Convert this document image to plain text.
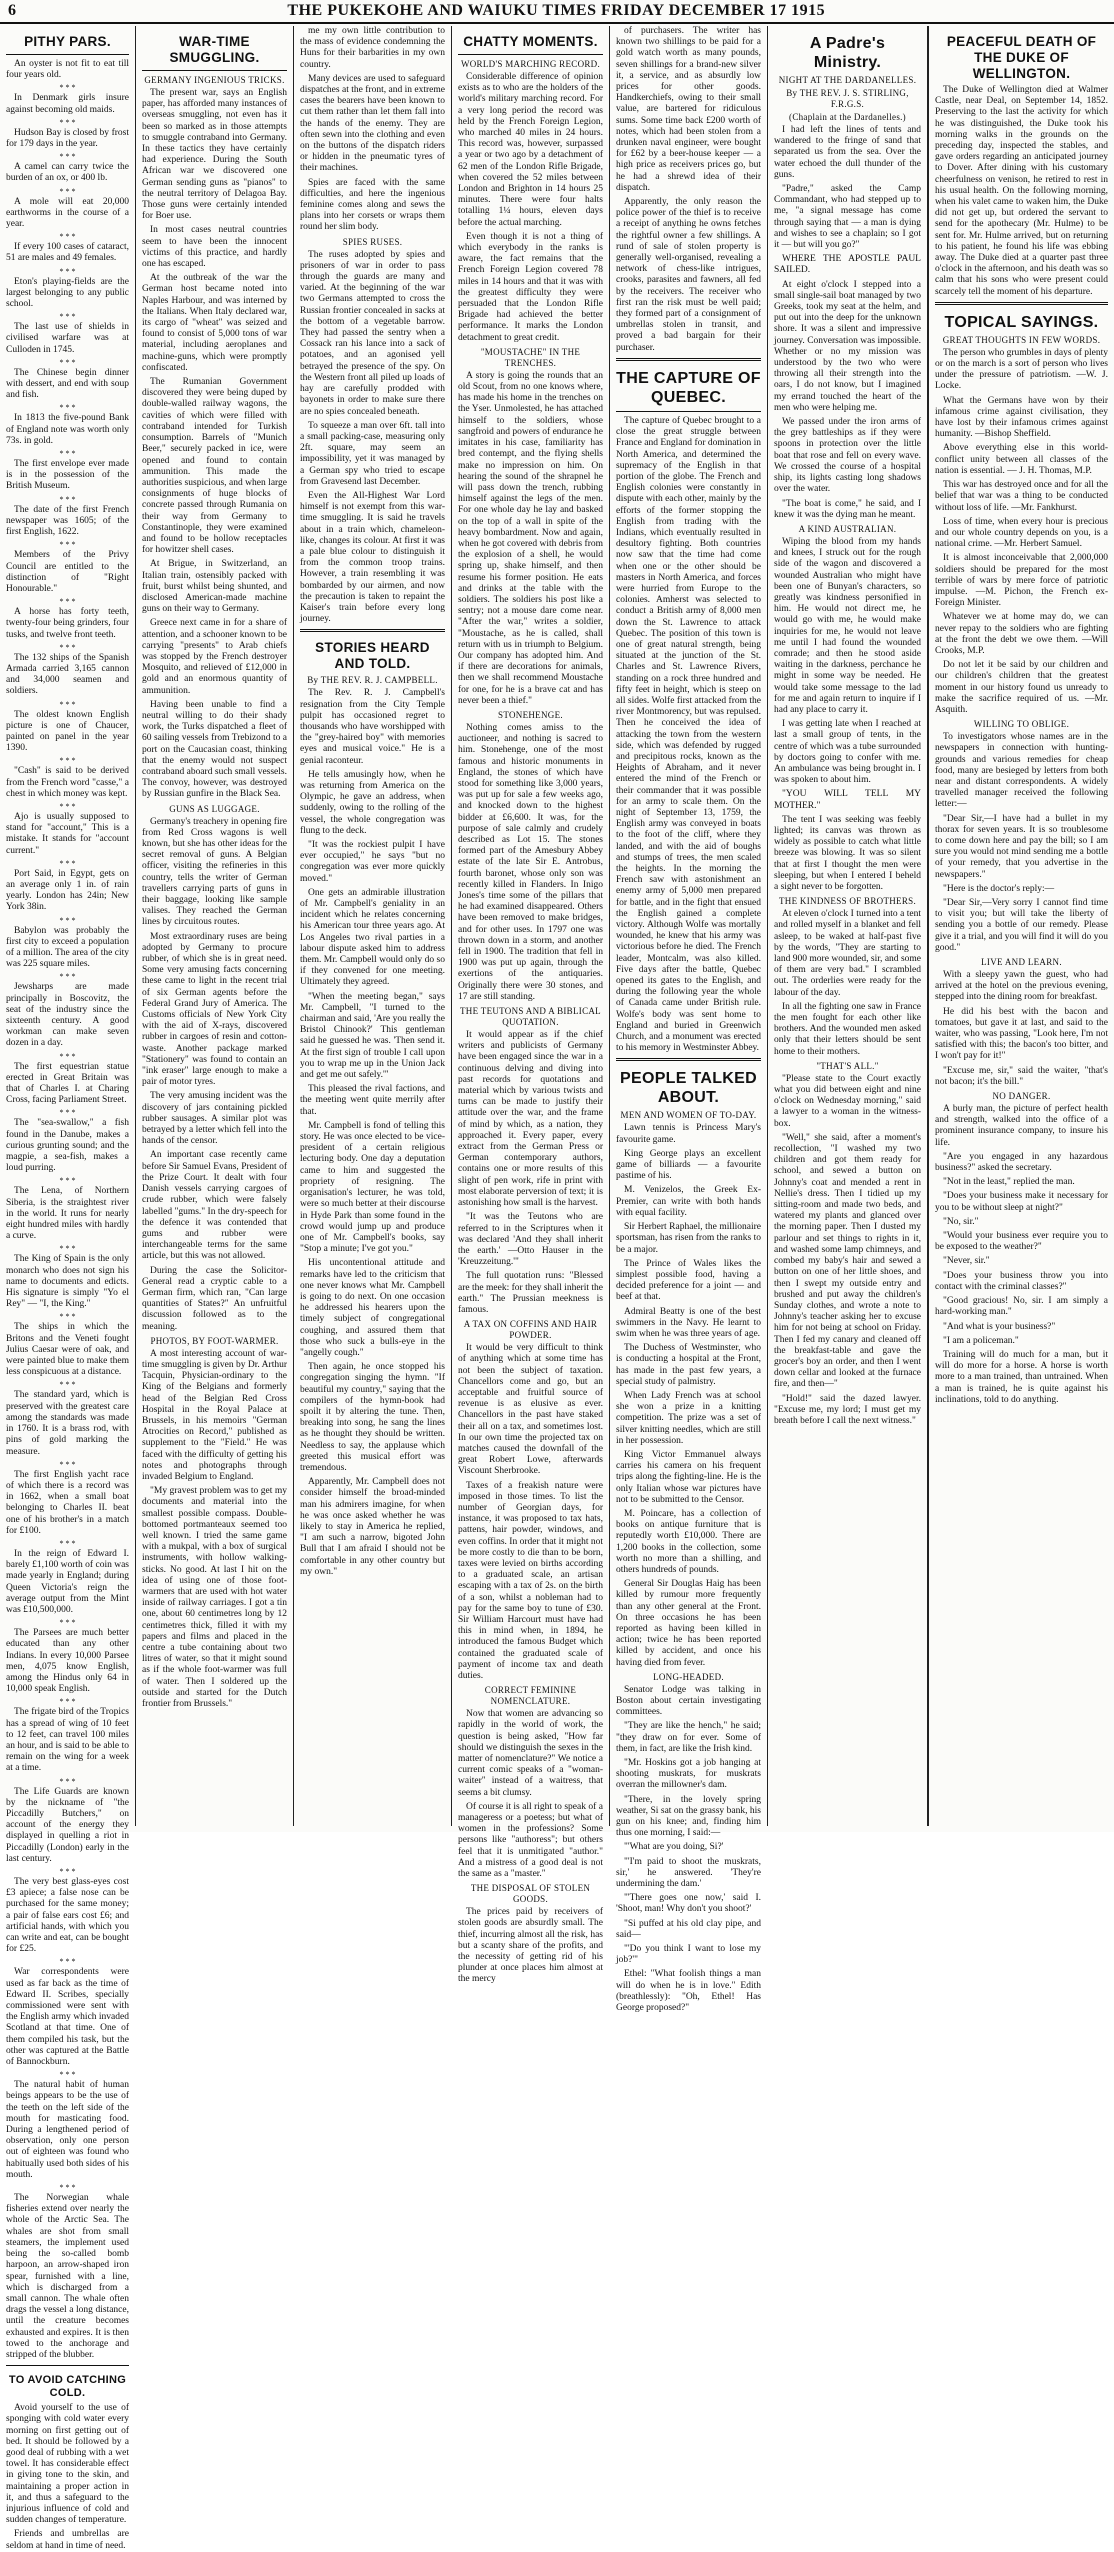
6	THE PUKEKOHE AND WAIUKU TIMES FRIDAY DECEMBER 17 1915
PITHY PARS.

An oyster is not fit to eat till four years old.

* * *

In Denmark girls insure against becoming old maids.

* * *

Hudson Bay is closed by frost for 179 days in the year.

* * *

A camel can carry twice the burden of an ox, or 400 lb.

* * *

A mole will eat 20,000 earthworms in the course of a year.

* * *

If every 100 cases of cataract, 51 are males and 49 females.

* * *

Eton's playing-fields are the largest belonging to any public school.

* * *

The last use of shields in civilised warfare was at Culloden in 1745.

* * *

The Chinese begin dinner with dessert, and end with soup and fish.

* * *

In 1813 the five-pound Bank of England note was worth only 73s. in gold.

* * *

The first envelope ever made is in the possession of the British Museum.

* * *

The date of the first French newspaper was 1605; of the first English, 1622.

* * *

Members of the Privy Council are entitled to the distinction of "Right Honourable."

* * *

A horse has forty teeth, twenty-four being grinders, four tusks, and twelve front teeth.

* * *

The 132 ships of the Spanish Armada carried 3,165 cannon and 34,000 seamen and soldiers.

* * *

The oldest known English picture is one of Chaucer, painted on panel in the year 1390.

* * *

"Cash" is said to be derived from the French word "casse," a chest in which money was kept.

* * *

Ajo is usually supposed to stand for "account," This is a mistake. It stands for "account current."

* * *

Port Said, in Egypt, gets on an average only 1 in. of rain yearly. London has 24in; New York 38in.

* * *

Babylon was probably the first city to exceed a population of a million. The area of the city was 225 square miles.

* * *

Jewsharps are made principally in Boscovitz, the seat of the industry since the sixteenth century. A good workman can make seven dozen in a day.

* * *

The first equestrian statue erected in Great Britain was that of Charles I. at Charing Cross, facing Parliament Street.

* * *

The "sea-swallow," a fish found in the Danube, makes a curious grunting sound; and the magpie, a sea-fish, makes a loud purring.

* * *

The Lena, of Northern Siberia, is the straightest river in the world. It runs for nearly eight hundred miles with hardly a curve.

* * *

The King of Spain is the only monarch who does not sign his name to documents and edicts. His signature is simply "Yo el Rey" — "I, the King."

* * *

The ships in which the Britons and the Veneti fought Julius Caesar were of oak, and were painted blue to make them less conspicuous at a distance.

* * *

The standard yard, which is preserved with the greatest care among the standards was made in 1760. It is a brass rod, with pins of gold marking the measure.

* * *

The first English yacht race of which there is a record was in 1662, when a small boat belonging to Charles II. beat one of his brother's in a match for £100.

* * *

In the reign of Edward I. barely £1,100 worth of coin was made yearly in England; during Queen Victoria's reign the average output from the Mint was £10,500,000.

* * *

The Parsees are much better educated than any other Indians. In every 10,000 Parsee men, 4,075 know English, among the Hindus only 64 in 10,000 speak English.

* * *

The frigate bird of the Tropics has a spread of wing of 10 feet to 12 feet, can travel 100 miles an hour, and is said to be able to remain on the wing for a week at a time.

* * *

The Life Guards are known by the nickname of "the Piccadilly Butchers," on account of the energy they displayed in quelling a riot in Piccadilly (London) early in the last century.

* * *

The very best glass-eyes cost £3 apiece; a false nose can be purchased for the same money; a pair of false ears cost £6; and artificial hands, with which you can write and eat, can be bought for £25.

* * *

War correspondents were used as far back as the time of Edward II. Scribes, specially commissioned were sent with the English army which invaded Scotland at that time. One of them compiled his task, but the other was captured at the Battle of Bannockburn.

* * *

The natural habit of human beings appears to be the use of the teeth on the left side of the mouth for masticating food. During a lengthened period of observation, only one person out of eighteen was found who habitually used both sides of his mouth.

* * *

The Norwegian whale fisheries extend over nearly the whole of the Arctic Sea. The whales are shot from small steamers, the implement used being the so-called bomb harpoon, an arrow-shaped iron spear, furnished with a line, which is discharged from a small cannon. The whale often drags the vessel a long distance, until the creature becomes exhausted and expires. It is then towed to the anchorage and stripped of the blubber.

TO AVOID CATCHING COLD.

Avoid yourself to the use of sponging with cold water every morning on first getting out of bed. It should be followed by a good deal of rubbing with a wet towel. It has considerable effect in giving tone to the skin, and maintaining a proper action in it, and thus a safeguard to the injurious influence of cold and sudden changes of temperature.

Friends and umbrellas are seldom at hand in time of need.

WAR-TIME SMUGGLING.
GERMANY INGENIOUS TRICKS.

The present war, says an English paper, has afforded many instances of overseas smuggling, not even has it been so marked as in those attempts to smuggle contraband into Germany. In these tactics they have certainly had experience. During the South African war we discovered one German sending guns as "pianos" to the neutral territory of Delagoa Bay. Those guns were certainly intended for Boer use.

In most cases neutral countries seem to have been the innocent victims of this practice, and hardly one has escaped.

At the outbreak of the war the German host became noted into Naples Harbour, and was interned by the Italians. When Italy declared war, its cargo of "wheat" was seized and found to consist of 5,000 tons of war material, including aeroplanes and machine-guns, which were promptly confiscated.

The Rumanian Government discovered they were being duped by double-walled railway wagons, the cavities of which were filled with contraband intended for Turkish consumption. Barrels of "Munich Beer," securely packed in ice, were opened and found to contain ammunition. This made the authorities suspicious, and when large consignments of huge blocks of concrete passed through Rumania on their way from Germany to Constantinople, they were examined and found to be hollow receptacles for howitzer shell cases.

At Brigue, in Switzerland, an Italian train, ostensibly packed with fruit, burst whilst being shunted, and disclosed American-made machine guns on their way to Germany.

Greece next came in for a share of attention, and a schooner known to be carrying "presents" to Arab chiefs was stopped by the French destroyer Mosquito, and relieved of £12,000 in gold and an enormous quantity of ammunition.

Having been unable to find a neutral willing to do their shady work, the Turks dispatched a fleet of 60 sailing vessels from Trebizond to a port on the Caucasian coast, thinking that the enemy would not suspect contraband aboard such small vessels. The convoy, however, was destroyed by Russian gunfire in the Black Sea.

GUNS AS LUGGAGE.

Germany's treachery in opening fire from Red Cross wagons is well known, but she has other ideas for the secret removal of guns. A Belgian officer, visiting the refineries in this country, tells the writer of German travellers carrying parts of guns in their baggage, looking like sample valises. They reached the German lines by circuitous routes.

Most extraordinary ruses are being adopted by Germany to procure rubber, of which she is in great need. Some very amusing facts concerning these came to light in the recent trial of six German agents before the Federal Grand Jury of America. The Customs officials of New York City with the aid of X-rays, discovered rubber in cargoes of resin and cotton-waste. Another package marked "Stationery" was found to contain an "ink eraser" large enough to make a pair of motor tyres.

The very amusing incident was the discovery of jars containing pickled rubber sausages. A similar plot was betrayed by a letter which fell into the hands of the censor.

An important case recently came before Sir Samuel Evans, President of the Prize Court. It dealt with four Danish vessels carrying cargoes of crude rubber, which were falsely labelled "gums." In the dry-speech for the defence it was contended that gums and rubber were interchangeable terms for the same article, but this was not allowed.

During the case the Solicitor-General read a cryptic cable to a German firm, which ran, "Can large quantities of States?" An unfruitful discussion followed as to the meaning.

PHOTOS, BY FOOT-WARMER.

A most interesting account of war-time smuggling is given by Dr. Arthur Tacquin, Physician-ordinary to the King of the Belgians and formerly head of the Belgian Red Cross Hospital in the Royal Palace at Brussels, in his memoirs "German Atrocities on Record," published as supplement to the "Field." He was faced with the difficulty of getting his notes and photographs through invaded Belgium to England.

"My gravest problem was to get my documents and material into the smallest possible compass. Double-bottomed portmanteaux seemed too well known. I tried the same game with a mukpal, with a box of surgical instruments, with hollow walking-sticks. No good. At last I hit on the idea of using one of those foot-warmers that are used with hot water inside of railway carriages. I got a tin one, about 60 centimetres long by 12 centimetres thick, filled it with my papers and films and placed in the centre a tube containing about two litres of water, so that it might sound as if the whole foot-warmer was full of water. Then I soldered up the outside and started for the Dutch frontier from Brussels."

me my own little contribution to the mass of evidence condemning the Huns for their barbarities in my own country.

Many devices are used to safeguard dispatches at the front, and in extreme cases the bearers have been known to cut them rather than let them fall into the hands of the enemy. They are often sewn into the clothing and even on the buttons of the dispatch riders or hidden in the pneumatic tyres of their machines.

Spies are faced with the same difficulties, and here the ingenious feminine comes along and sews the plans into her corsets or wraps them round her slim body.

SPIES RUSES.

The ruses adopted by spies and prisoners of war in order to pass through the guards are many and varied. At the beginning of the war two Germans attempted to cross the Russian frontier concealed in sacks at the bottom of a vegetable barrow. They had passed the sentry when a Cossack ran his lance into a sack of potatoes, and an agonised yell betrayed the presence of the spy. On the Western front all piled up loads of hay are carefully prodded with bayonets in order to make sure there are no spies concealed beneath.

To squeeze a man over 6ft. tall into a small packing-case, measuring only 2ft. square, may seem an impossibility, yet it was managed by a German spy who tried to escape from Gravesend last December.

Even the All-Highest War Lord himself is not exempt from this war-time smuggling. It is said he travels about in a train which, chameleon-like, changes its colour. At first it was a pale blue colour to distinguish it from the common troop trains. However, a train resembling it was bombarded by our airmen, and now the precaution is taken to repaint the Kaiser's train before every long journey.

STORIES HEARD AND TOLD.
By THE REV. R. J. CAMPBELL.

The Rev. R. J. Campbell's resignation from the City Temple pulpit has occasioned regret to thousands who have worshipped with the "grey-haired boy" with memories eyes and musical voice." He is a genial raconteur.

He tells amusingly how, when he was returning from America on the Olympic, he gave an address, when suddenly, owing to the rolling of the vessel, the whole congregation was flung to the deck.

"It was the rockiest pulpit I have ever occupied," he says "but no congregation was ever more quickly moved."

One gets an admirable illustration of Mr. Campbell's geniality in an incident which he relates concerning his American tour three years ago. At Los Angeles two rival parties in a labour dispute asked him to address them. Mr. Campbell would only do so if they convened for one meeting. Ultimately they agreed.

"When the meeting began," says Mr. Campbell, "I turned to the chairman and said, 'Are you really the Bristol Chinook?' This gentleman said he guessed he was. 'Then send it. At the first sign of trouble I call upon you to wrap me up in the Union Jack and get me out safely.'"

This pleased the rival factions, and the meeting went quite merrily after that.

Mr. Campbell is fond of telling this story. He was once elected to be vice-president of a certain religious lecturing body. One day a deputation came to him and suggested the propriety of resigning. The organisation's lecturer, he was told, were so much better at their discourse in Hyde Park than some found in the crowd would jump up and produce one of Mr. Campbell's books, say "Stop a minute; I've got you."

His uncontentional attitude and remarks have led to the criticism that one never knows what Mr. Campbell is going to do next. On one occasion he addressed his hearers upon the timely subject of congregational coughing, and assured them that those who suck a bulls-eye in the "angelly cough."

Then again, he once stopped his congregation singing the hymn. "If beautiful my country," saying that the compilers of the hymn-book had spoilt it by altering the tune. Then, breaking into song, he sang the lines as he thought they should be written. Needless to say, the applause which greeted this musical effort was tremendous.

Apparently, Mr. Campbell does not consider himself the broad-minded man his admirers imagine, for when he was once asked whether he was likely to stay in America he replied, "I am such a narrow, bigoted John Bull that I am afraid I should not be comfortable in any other country but my own."

CHATTY MOMENTS.
WORLD'S MARCHING RECORD.

Considerable difference of opinion exists as to who are the holders of the world's military marching record. For a very long period the record was held by the French Foreign Legion, who marched 40 miles in 24 hours. This record was, however, surpassed a year or two ago by a detachment of 62 men of the London Rifle Brigade, when covered the 52 miles between London and Brighton in 14 hours 25 minutes. There were four halts totalling 1¼ hours, eleven days before the actual marching.

Even though it is not a thing of which everybody in the ranks is aware, the fact remains that the French Foreign Legion covered 78 miles in 14 hours and that it was with the greatest difficulty they were persuaded that the London Rifle Brigade had achieved the better performance. It marks the London detachment to great credit.

"MOUSTACHE" IN THE TRENCHES.

A story is going the rounds that an old Scout, from no one knows where, has made his home in the trenches on the Yser. Unmolested, he has attached himself to the soldiers, whose sangfroid and powers of endurance he imitates in his case, familiarity has bred contempt, and the flying shells make no impression on him. On hearing the sound of the shrapnel he will pass down the trench, rubbing himself against the legs of the men. For one whole day he lay and basked on the top of a wall in spite of the heavy bombardment. Now and again, when he got covered with debris from the explosion of a shell, he would spring up, shake himself, and then resume his former position. He eats and drinks at the table with the soldiers. The soldiers his post like a sentry; not a mouse dare come near. "After the war," writes a soldier, "Moustache, as he is called, shall return with us in triumph to Belgium. Our company has adopted him. And if there are decorations for animals, then we shall recommend Moustache for one, for he is a brave cat and has never been a thief."

STONEHENGE.

Nothing comes amiss to the auctioneer, and nothing is sacred to him. Stonehenge, one of the most famous and historic monuments in England, the stones of which have stood for something like 3,000 years, was put up for sale a few weeks ago, and knocked down to the highest bidder at £6,600. It was, for the purpose of sale calmly and crudely described as Lot 15. The stones formed part of the Amesbury Abbey estate of the late Sir E. Antrobus, fourth baronet, whose only son was recently killed in Flanders. In Inigo Jones's time some of the pillars that he had examined disappeared. Others have been removed to make bridges, and for other uses. In 1797 one was thrown down in a storm, and another fell in 1900. The tradition that fell in 1900 was put up again, through the exertions of the antiquaries. Originally there were 30 stones, and 17 are still standing.

THE TEUTONS AND A BIBLICAL QUOTATION.

It would appear as if the chief writers and publicists of Germany have been engaged since the war in a continuous delving and diving into past records for quotations and material which by various twists and turns can be made to justify their attitude over the war, and the frame of mind by which, as a nation, they approached it. Every paper, every extract from the German Press or German contemporary authors, contains one or more results of this slight of pen work, rife in print with most elaborate perversion of text; it is astonishing how small is the harvest.

"It was the Teutons who are referred to in the Scriptures when it was declared 'And they shall inherit the earth.' —Otto Hauser in the 'Kreuzzeitung.'"

The full quotation runs: "Blessed are the meek: for they shall inherit the earth." The Prussian meekness is famous.

A TAX ON COFFINS AND HAIR POWDER.

It would be very difficult to think of anything which at some time has not been the subject of taxation. Chancellors come and go, but an acceptable and fruitful source of revenue is as elusive as ever. Chancellors in the past have staked their all on a tax, and sometimes lost. In our own time the projected tax on matches caused the downfall of the great Robert Lowe, afterwards Viscount Sherbrooke.

Taxes of a freakish nature were imposed in those times. To list the number of Georgian days, for instance, it was proposed to tax hats, pattens, hair powder, windows, and even coffins. In order that it might not be more costly to die than to be born, taxes were levied on births according to a graduated scale, an artisan escaping with a tax of 2s. on the birth of a son, whilst a nobleman had to pay for the same boy to tune of £30. Sir William Harcourt must have had this in mind when, in 1894, he introduced the famous Budget which contained the graduated scale of payment of income tax and death duties.

CORRECT FEMININE NOMENCLATURE.

Now that women are advancing so rapidly in the world of work, the question is being asked, "How far should we distinguish the sexes in the matter of nomenclature?" We notice a current comic speaks of a "woman-waiter" instead of a waitress, that seems a bit clumsy.

Of course it is all right to speak of a manageress or a poetess; but what of women in the professions? Some persons like "authoress"; but others feel that it is unmitigated "author." And a mistress of a good deal is not the same as a "master."

THE DISPOSAL OF STOLEN GOODS.

The prices paid by receivers of stolen goods are absurdly small. The thief, incurring almost all the risk, has but a scanty share of the profits, and the necessity of getting rid of his plunder at once places him almost at the mercy

of purchasers. The writer has known two shillings to be paid for a gold watch worth as many pounds, seven shillings for a brand-new silver it, a service, and as absurdly low prices for other goods. Handkerchiefs, owing to their small value, are bartered for ridiculous sums. Some time back £200 worth of notes, which had been stolen from a drunken naval engineer, were bought for £62 by a beer-house keeper — a high price as receivers prices go, but he had a shrewd idea of their dispatch.

Apparently, the only reason the police power of the thief is to receive a receipt of anything he owns fetches the rightful owner a few shillings. A rund of sale of stolen property is generally well-organised, revealing a network of chess-like intrigues, crooks, parasites and fawners, all fed by the receivers. The receiver who first ran the risk must be well paid; they formed part of a consignment of umbrellas stolen in transit, and proved a bad bargain for their purchaser.

THE CAPTURE OF QUEBEC.

The capture of Quebec brought to a close the great struggle between France and England for domination in North America, and determined the supremacy of the English in that portion of the globe. The French and English colonies were constantly in dispute with each other, mainly by the efforts of the former stopping the English from trading with the Indians, which eventually resulted in desultory fighting. Both countries now saw that the time had come when one or the other should be masters in North America, and forces were hurried from Europe to the colonies. Amherst was selected to conduct a British army of 8,000 men down the St. Lawrence to attack Quebec. The position of this town is one of great natural strength, being situated at the junction of the St. Charles and St. Lawrence Rivers, standing on a rock three hundred and fifty feet in height, which is steep on all sides. Wolfe first attacked from the river Montmorency, but was repulsed. Then he conceived the idea of attacking the town from the western side, which was defended by rugged and precipitous rocks, known as the Heights of Abraham, and it never entered the mind of the French or their commander that it was possible for an army to scale them. On the night of September 13, 1759, the English army was conveyed in boats to the foot of the cliff, where they landed, and with the aid of boughs and stumps of trees, the men scaled the heights. In the morning the French saw with astonishment an enemy army of 5,000 men prepared for battle, and in the fight that ensued the English gained a complete victory. Although Wolfe was mortally wounded, he knew that his army was victorious before he died. The French leader, Montcalm, was also killed. Five days after the battle, Quebec opened its gates to the English, and during the following year the whole of Canada came under British rule. Wolfe's body was sent home to England and buried in Greenwich Church, and a monument was erected to his memory in Westminster Abbey.

PEOPLE TALKED ABOUT.
MEN AND WOMEN OF TO-DAY.

Lawn tennis is Princess Mary's favourite game.

King George plays an excellent game of billiards — a favourite pastime of his.

M. Venizelos, the Greek Ex-Premier, can write with both hands with equal facility.

Sir Herbert Raphael, the millionaire sportsman, has risen from the ranks to be a major.

The Prince of Wales likes the simplest possible food, having a decided preference for a joint — and beef at that.

Admiral Beatty is one of the best swimmers in the Navy. He learnt to swim when he was three years of age.

The Duchess of Westminster, who is conducting a hospital at the Front, has made in the past few years, a special study of palmistry.

When Lady French was at school she won a prize in a knitting competition. The prize was a set of silver knitting needles, which are still in her possession.

King Victor Emmanuel always carries his camera on his frequent trips along the fighting-line. He is the only Italian whose war pictures have not to be submitted to the Censor.

M. Poincare, has a collection of books on antique furniture that is reputedly worth £10,000. There are 1,200 books in the collection, some worth no more than a shilling, and others hundreds of pounds.

General Sir Douglas Haig has been killed by rumour more frequently than any other general at the Front. On three occasions he has been reported as having been killed in action; twice he has been reported killed by accident, and once his having died from fever.

LONG-HEADED.

Senator Lodge was talking in Boston about certain investigating committees.

"They are like the hench," he said; "they draw on for ever. Some of them, in fact, are like the Irish kind.

"Mr. Hoskins got a job hanging at shooting muskrats, for muskrats overran the millowner's dam.

"There, in the lovely spring weather, Si sat on the grassy bank, his gun on his knee; and, finding him thus one morning, I said:—

"'What are you doing, Si?'

"'I'm paid to shoot the muskrats, sir,' he answered. 'They're undermining the dam.'

"'There goes one now,' said I. 'Shoot, man! Why don't you shoot?'

"Si puffed at his old clay pipe, and said—

"'Do you think I want to lose my job?'"

Ethel: "What foolish things a man will do when he is in love." Edith (breathlessly): "Oh, Ethel! Has George proposed?"

A Padre's Ministry.
NIGHT AT THE DARDANELLES.
By THE REV. J. S. STIRLING, F.R.G.S.
(Chaplain at the Dardanelles.)

I had left the lines of tents and wandered to the fringe of sand that separated us from the sea. Over the water echoed the dull thunder of the guns.

"Padre," asked the Camp Commandant, who had stepped up to me, "a signal message has come through saying that — a man is dying and wishes to see a chaplain; so I got it — but will you go?"

WHERE THE APOSTLE PAUL SAILED.

At eight o'clock I stepped into a small single-sail boat managed by two Greeks, took my seat at the helm, and put out into the deep for the unknown shore. It was a silent and impressive journey. Conversation was impossible. Whether or no my mission was understood by the two who were throwing all their strength into the oars, I do not know, but I imagined my errand touched the heart of the men who were helping me.

We passed under the iron arms of the grey battleships as if they were spoons in protection over the little boat that rose and fell on every wave. We crossed the course of a hospital ship, its lights casting long shadows over the water.

"The boat is come," he said, and I knew it was the dying man he meant.

A KIND AUSTRALIAN.

Wiping the blood from my hands and knees, I struck out for the rough side of the wagon and discovered a wounded Australian who might have been one of Bunyan's characters, so greatly was kindness personified in him. He would not direct me, he would go with me, he would make inquiries for me, he would not leave me until I had found the wounded comrade; and then he stood aside waiting in the darkness, perchance he might in some way be needed. He would take some message to the lad for me and again return to inquire if I had any place to carry it.

I was getting late when I reached at last a small group of tents, in the centre of which was a tube surrounded by doctors going to confer with me. An ambulance was being brought in. I was spoken to about him.

"YOU WILL TELL MY MOTHER."

The tent I was seeking was feebly lighted; its canvas was thrown as widely as possible to catch what little breeze was blowing. It was so silent that at first I thought the men were sleeping, but when I entered I beheld a sight never to be forgotten.

THE KINDNESS OF BROTHERS.

At eleven o'clock I turned into a tent and rolled myself in a blanket and fell asleep, to be waked at half-past five by the words, "They are starting to land 900 more wounded, sir, and some of them are very bad." I scrambled out. The orderlies were ready for the labour of the day.

In all the fighting one saw in France the men fought for each other like brothers. And the wounded men asked only that their letters should be sent home to their mothers.

"THAT'S ALL."

"Please state to the Court exactly what you did between eight and nine o'clock on Wednesday morning," said a lawyer to a woman in the witness-box.

"Well," she said, after a moment's recollection, "I washed my two children and got them ready for school, and sewed a button on Johnny's coat and mended a rent in Nellie's dress. Then I tidied up my sitting-room and made two beds, and watered my plants and glanced over the morning paper. Then I dusted my parlour and set things to rights in it, and washed some lamp chimneys, and combed my baby's hair and sewed a button on one of her little shoes, and then I swept my outside entry and brushed and put away the children's Sunday clothes, and wrote a note to Johnny's teacher asking her to excuse him for not being at school on Friday. Then I fed my canary and cleaned off the breakfast-table and gave the grocer's boy an order, and then I went down cellar and looked at the furnace fire, and then—"

"Hold!" said the dazed lawyer. "Excuse me, my lord; I must get my breath before I call the next witness."

PEACEFUL DEATH OF THE DUKE OF WELLINGTON.

The Duke of Wellington died at Walmer Castle, near Deal, on September 14, 1852. Preserving to the last the activity for which he was distinguished, the Duke took his morning walks in the grounds on the preceding day, inspected the stables, and gave orders regarding an anticipated journey to Dover. After dining with his customary cheerfulness on venison, he retired to rest in his usual health. On the following morning, when his valet came to waken him, the Duke did not get up, but ordered the servant to send for the apothecary (Mr. Hulme) to be sent for. Mr. Hulme arrived, but on returning to his patient, he found his life was ebbing away. The Duke died at a quarter past three o'clock in the afternoon, and his death was so calm that his sons who were present could scarcely tell the moment of his departure.

TOPICAL SAYINGS.
GREAT THOUGHTS IN FEW WORDS.

The person who grumbles in days of plenty or on the march is a sort of person who lives under the pressure of patriotism. —W. J. Locke.

What the Germans have won by their infamous crime against civilisation, they have lost by their infamous crimes against humanity. —Bishop Sheffield.

Above everything else in this world-conflict unity between all classes of the nation is essential. — J. H. Thomas, M.P.

This war has destroyed once and for all the belief that war was a thing to be conducted without loss of life. —Mr. Fankhurst.

Loss of time, when every hour is precious and our whole country depends on you, is a national crime. —Mr. Herbert Samuel.

It is almost inconceivable that 2,000,000 soldiers should be prepared for the most terrible of wars by mere force of patriotic impulse. —M. Pichon, the French ex-Foreign Minister.

Whatever we at home may do, we can never repay to the soldiers who are fighting at the front the debt we owe them. —Will Crooks, M.P.

Do not let it be said by our children and our children's children that the greatest moment in our history found us unready to make the sacrifice required of us. —Mr. Asquith.

WILLING TO OBLIGE.

To investigators whose names are in the newspapers in connection with hunting-grounds and various remedies for cheap food, many are besieged by letters from both near and distant correspondents. A widely travelled manager received the following letter:—

"Dear Sir,—I have had a bullet in my thorax for seven years. It is so troublesome to come down here and pay the bill; so I am sure you would not mind sending me a bottle of your remedy, that you advertise in the newspapers."

"Here is the doctor's reply:—

"Dear Sir,—Very sorry I cannot find time to visit you; but will take the liberty of sending you a bottle of our remedy. Please give it a trial, and you will find it will do you good."

LIVE AND LEARN.

With a sleepy yawn the guest, who had arrived at the hotel on the previous evening, stepped into the dining room for breakfast.

He did his best with the bacon and tomatoes, but gave it at last, and said to the waiter, who was passing, "Look here, I'm not satisfied with this; the bacon's too bitter, and I won't pay for it!"

"Excuse me, sir," said the waiter, "that's not bacon; it's the bill."

NO DANGER.

A burly man, the picture of perfect health and strength, walked into the office of a prominent insurance company, to insure his life.

"Are you engaged in any hazardous business?" asked the secretary.

"Not in the least," replied the man.

"Does your business make it necessary for you to be without sleep at night?"

"No, sir."

"Would your business ever require you to be exposed to the weather?"

"Never, sir."

"Does your business throw you into contact with the criminal classes?"

"Good gracious! No, sir. I am simply a hard-working man."

"And what is your business?"

"I am a policeman."

Training will do much for a man, but it will do more for a horse. A horse is worth more to a man trained, than untrained. When a man is trained, he is quite against his inclinations, told to do anything.
